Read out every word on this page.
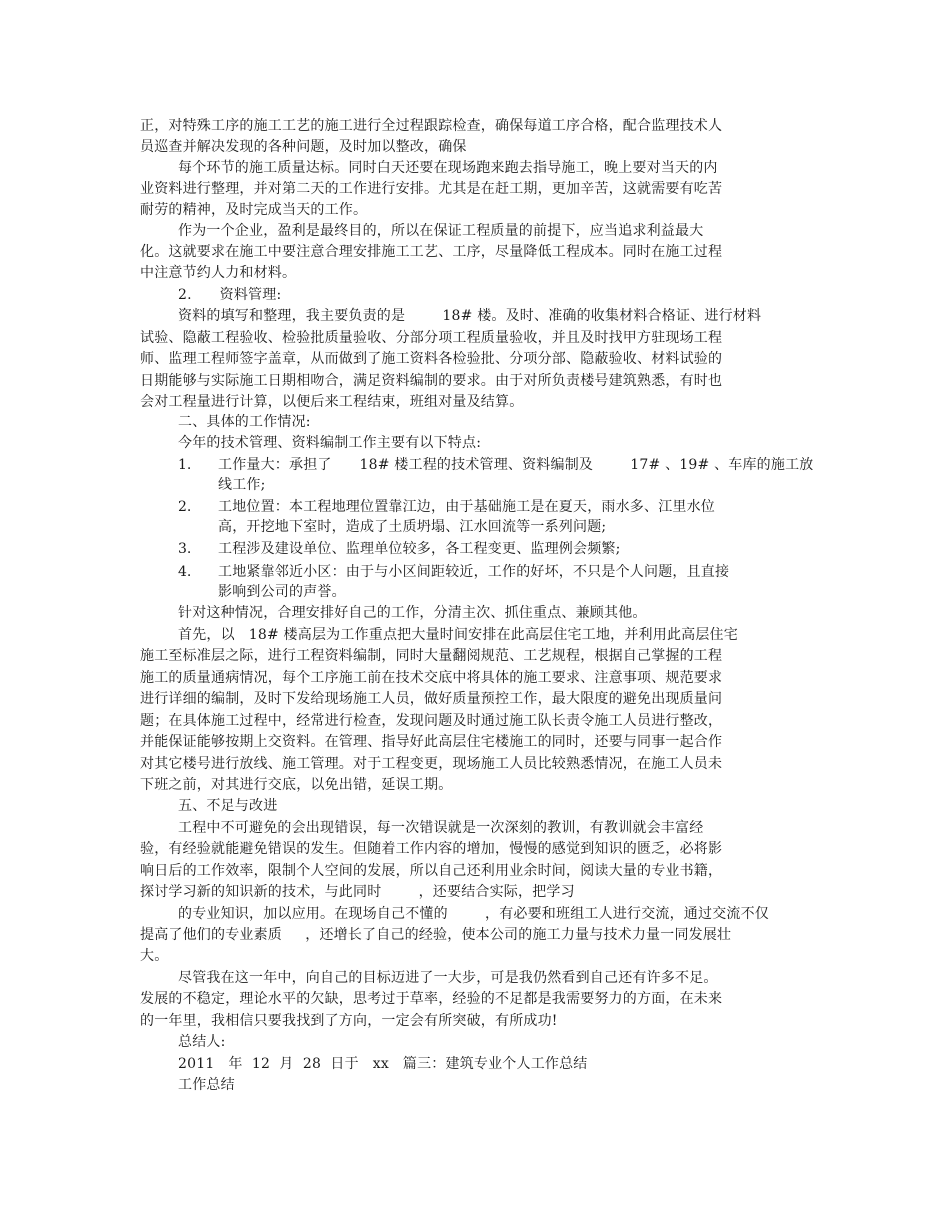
正，对特殊工序的施工工艺的施工进行全过程跟踪检查，确保每道工序合格，配合监理技术人
员巡查并解决发现的各种问题，及时加以整改，确保
每个环节的施工质量达标。同时白天还要在现场跑来跑去指导施工，晚上要对当天的内
业资料进行整理，并对第二天的工作进行安排。尤其是在赶工期，更加辛苦，这就需要有吃苦
耐劳的精神，及时完成当天的工作。
作为一个企业，盈利是最终目的，所以在保证工程质量的前提下，应当追求利益最大
化。这就要求在施工中要注意合理安排施工工艺、工序，尽量降低工程成本。同时在施工过程
中注意节约人力和材料。
2.      资料管理:
资料的填写和整理，我主要负责的是        18# 楼。及时、准确的收集材料合格证、进行材料
试验、隐蔽工程验收、检验批质量验收、分部分项工程质量验收，并且及时找甲方驻现场工程
师、监理工程师签字盖章，从而做到了施工资料各检验批、分项分部、隐蔽验收、材料试验的
日期能够与实际施工日期相吻合，满足资料编制的要求。由于对所负责楼号建筑熟悉，有时也
会对工程量进行计算，以便后来工程结束，班组对量及结算。
二、具体的工作情况:
今年的技术管理、资料编制工作主要有以下特点:
1. 工作量大：承担了      18# 楼工程的技术管理、资料编制及        17# 、19# 、车库的施工放
线工作;
2. 工地位置：本工程地理位置靠江边，由于基础施工是在夏天，雨水多、江里水位
高，开挖地下室时，造成了土质坍塌、江水回流等一系列问题;
3. 工程涉及建设单位、监理单位较多，各工程变更、监理例会频繁;
4. 工地紧靠邻近小区：由于与小区间距较近，工作的好坏，不只是个人问题，且直接
影响到公司的声誉。
针对这种情况，合理安排好自己的工作，分清主次、抓住重点、兼顾其他。
首先，以   18# 楼高层为工作重点把大量时间安排在此高层住宅工地，并利用此高层住宅
施工至标准层之际，进行工程资料编制，同时大量翻阅规范、工艺规程，根据自己掌握的工程
施工的质量通病情况，每个工序施工前在技术交底中将具体的施工要求、注意事项、规范要求
进行详细的编制，及时下发给现场施工人员，做好质量预控工作，最大限度的避免出现质量问
题；在具体施工过程中，经常进行检查，发现问题及时通过施工队长责令施工人员进行整改，
并能保证能够按期上交资料。在管理、指导好此高层住宅楼施工的同时，还要与同事一起合作
对其它楼号进行放线、施工管理。对于工程变更，现场施工人员比较熟悉情况，在施工人员未
下班之前，对其进行交底，以免出错，延误工期。
五、不足与改进
工程中不可避免的会出现错误，每一次错误就是一次深刻的教训，有教训就会丰富经
验，有经验就能避免错误的发生。但随着工作内容的增加，慢慢的感觉到知识的匮乏，必将影
响日后的工作效率，限制个人空间的发展，所以自己还利用业余时间，阅读大量的专业书籍，
探讨学习新的知识新的技术，与此同时        ，还要结合实际，把学习
的专业知识，加以应用。在现场自己不懂的        ，有必要和班组工人进行交流，通过交流不仅
提高了他们的专业素质     ，还增长了自己的经验，使本公司的施工力量与技术力量一同发展壮
大。
尽管我在这一年中，向自己的目标迈进了一大步，可是我仍然看到自己还有许多不足。
发展的不稳定，理论水平的欠缺，思考过于草率，经验的不足都是我需要努力的方面，在未来
的一年里，我相信只要我找到了方向，一定会有所突破，有所成功!
总结人:
2011   年  12  月  28  日于   xx   篇三：建筑专业个人工作总结
工作总结
